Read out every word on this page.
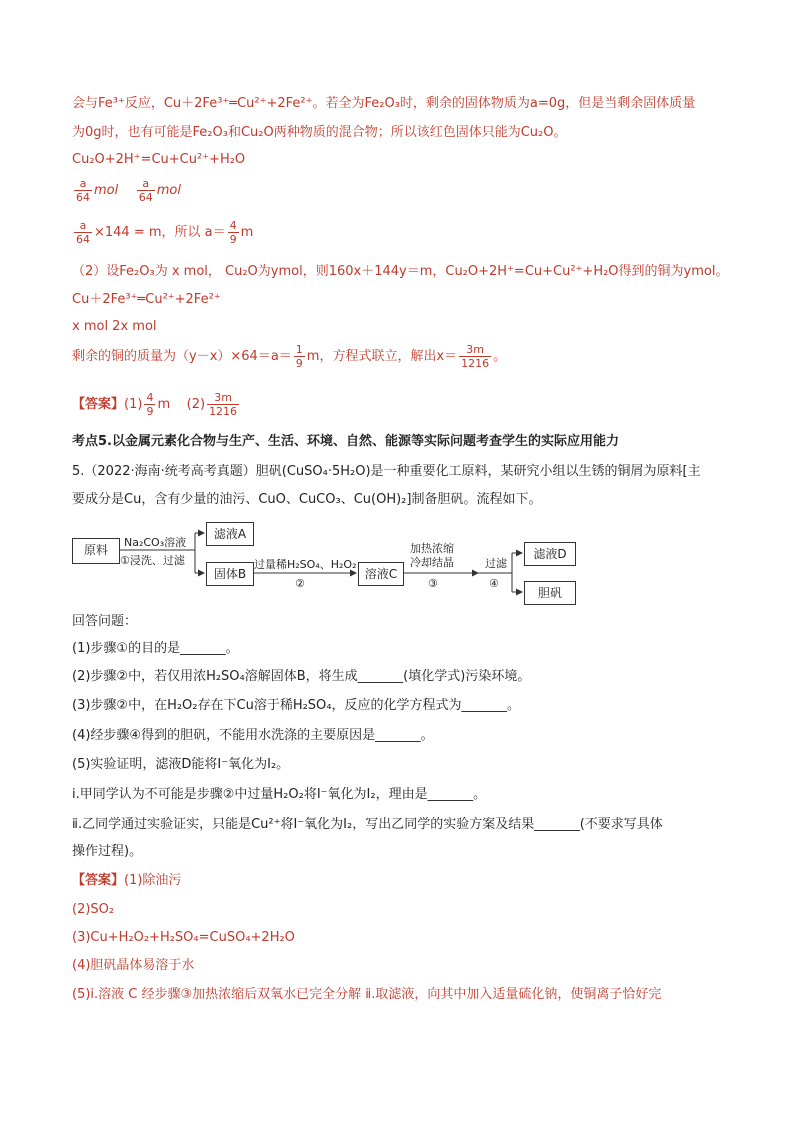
会与Fe³⁺反应，Cu＋2Fe³⁺═Cu²⁺+2Fe²⁺。若全为Fe₂O₃时，剩余的固体物质为a=0g，但是当剩余固体质量
为0g时，也有可能是Fe₂O₃和Cu₂O两种物质的混合物；所以该红色固体只能为Cu₂O。
Cu₂O+2H⁺=Cu+Cu²⁺+H₂O
$\frac{a}{64}$ mol $\frac{a}{64}$ mol
$\frac{a}{64} \times 144 = m$，所以 $a= \frac{4}{9}$ m
（2）设Fe₂O₃为 x mol， Cu₂O为ymol，则160x＋144y＝m，Cu₂O+2H⁺=Cu+Cu²⁺+H₂O得到的铜为ymol。
Cu＋2Fe³⁺═Cu²⁺+2Fe²⁺
x mol 2x mol
剩余的铜的质量为$(y-x)\times 64=a= \frac{1}{9}$ m，方程式联立，解出$x= \frac{3m}{1216}$ 。
【答案】$(1) \frac{4}{9}$ m $(2) \frac{3m}{1216}$
考点5.以金属元素化合物与生产、生活、环境、自然、能源等实际问题考查学生的实际应用能力
5.（2022·海南·统考高考真题）胆矾(CuSO₄·5H₂O)是一种重要化工原料，某研究小组以生锈的铜屑为原料[主
要成分是Cu，含有少量的油污、CuO、CuCO₃、Cu(OH)₂]制备胆矾。流程如下。
原料
滤液A
固体B	溶液C
滤液D
胆矾
Na₂CO₃溶液
①浸洗、过滤	过量稀H₂SO₄、H₂O₂
②
加热浓缩
冷却结晶
③
过滤
④
回答问题：
(1)步骤①的目的是_______。
(2)步骤②中，若仅用浓H₂SO₄溶解固体B，将生成_______(填化学式)污染环境。
(3)步骤②中，在H₂O₂存在下Cu溶于稀H₂SO₄，反应的化学方程式为_______。
(4)经步骤④得到的胆矾，不能用水洗涤的主要原因是_______。
(5)实验证明，滤液D能将I⁻氧化为I₂。
ⅰ.甲同学认为不可能是步骤②中过量H₂O₂将I⁻氧化为I₂，理由是_______。
ⅱ.乙同学通过实验证实，只能是Cu²⁺将I⁻氧化为I₂，写出乙同学的实验方案及结果_______(不要求写具体
操作过程)。
【答案】(1)除油污
(2)SO₂
(3)Cu+H₂O₂+H₂SO₄=CuSO₄+2H₂O
(4)胆矾晶体易溶于水
(5)ⅰ.溶液 C 经步骤③加热浓缩后双氧水已完全分解 ⅱ.取滤液，向其中加入适量硫化钠，使铜离子恰好完
